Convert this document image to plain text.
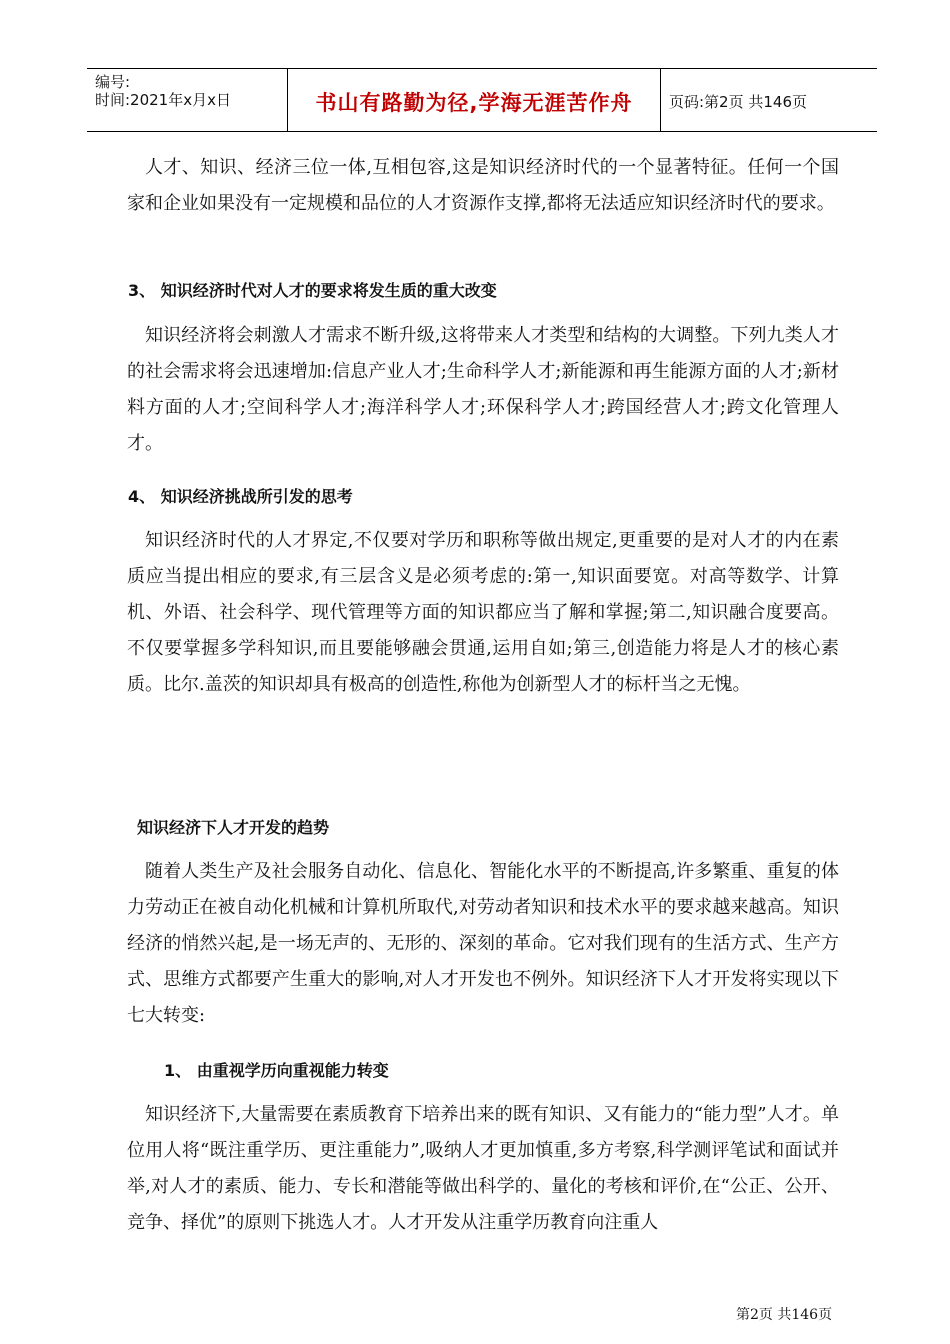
编号:
时间:2021年x月x日	书山有路勤为径,学海无涯苦作舟	页码:第2页 共146页

人才、知识、经济三位一体,互相包容,这是知识经济时代的一个显著特征。任何一个国家和企业如果没有一定规模和品位的人才资源作支撑,都将无法适应知识经济时代的要求。

3、 知识经济时代对人才的要求将发生质的重大改变

知识经济将会刺激人才需求不断升级,这将带来人才类型和结构的大调整。下列九类人才的社会需求将会迅速增加:信息产业人才;生命科学人才;新能源和再生能源方面的人才;新材料方面的人才;空间科学人才;海洋科学人才;环保科学人才;跨国经营人才;跨文化管理人才。

4、 知识经济挑战所引发的思考

知识经济时代的人才界定,不仅要对学历和职称等做出规定,更重要的是对人才的内在素质应当提出相应的要求,有三层含义是必须考虑的:第一,知识面要宽。对高等数学、计算机、外语、社会科学、现代管理等方面的知识都应当了解和掌握;第二,知识融合度要高。不仅要掌握多学科知识,而且要能够融会贯通,运用自如;第三,创造能力将是人才的核心素质。比尔.盖茨的知识却具有极高的创造性,称他为创新型人才的标杆当之无愧。

知识经济下人才开发的趋势

随着人类生产及社会服务自动化、信息化、智能化水平的不断提高,许多繁重、重复的体力劳动正在被自动化机械和计算机所取代,对劳动者知识和技术水平的要求越来越高。知识经济的悄然兴起,是一场无声的、无形的、深刻的革命。它对我们现有的生活方式、生产方式、思维方式都要产生重大的影响,对人才开发也不例外。知识经济下人才开发将实现以下七大转变:

1、 由重视学历向重视能力转变

知识经济下,大量需要在素质教育下培养出来的既有知识、又有能力的“能力型”人才。单位用人将“既注重学历、更注重能力”,吸纳人才更加慎重,多方考察,科学测评笔试和面试并举,对人才的素质、能力、专长和潜能等做出科学的、量化的考核和评价,在“公正、公开、竞争、择优”的原则下挑选人才。人才开发从注重学历教育向注重人

第2页 共146页
